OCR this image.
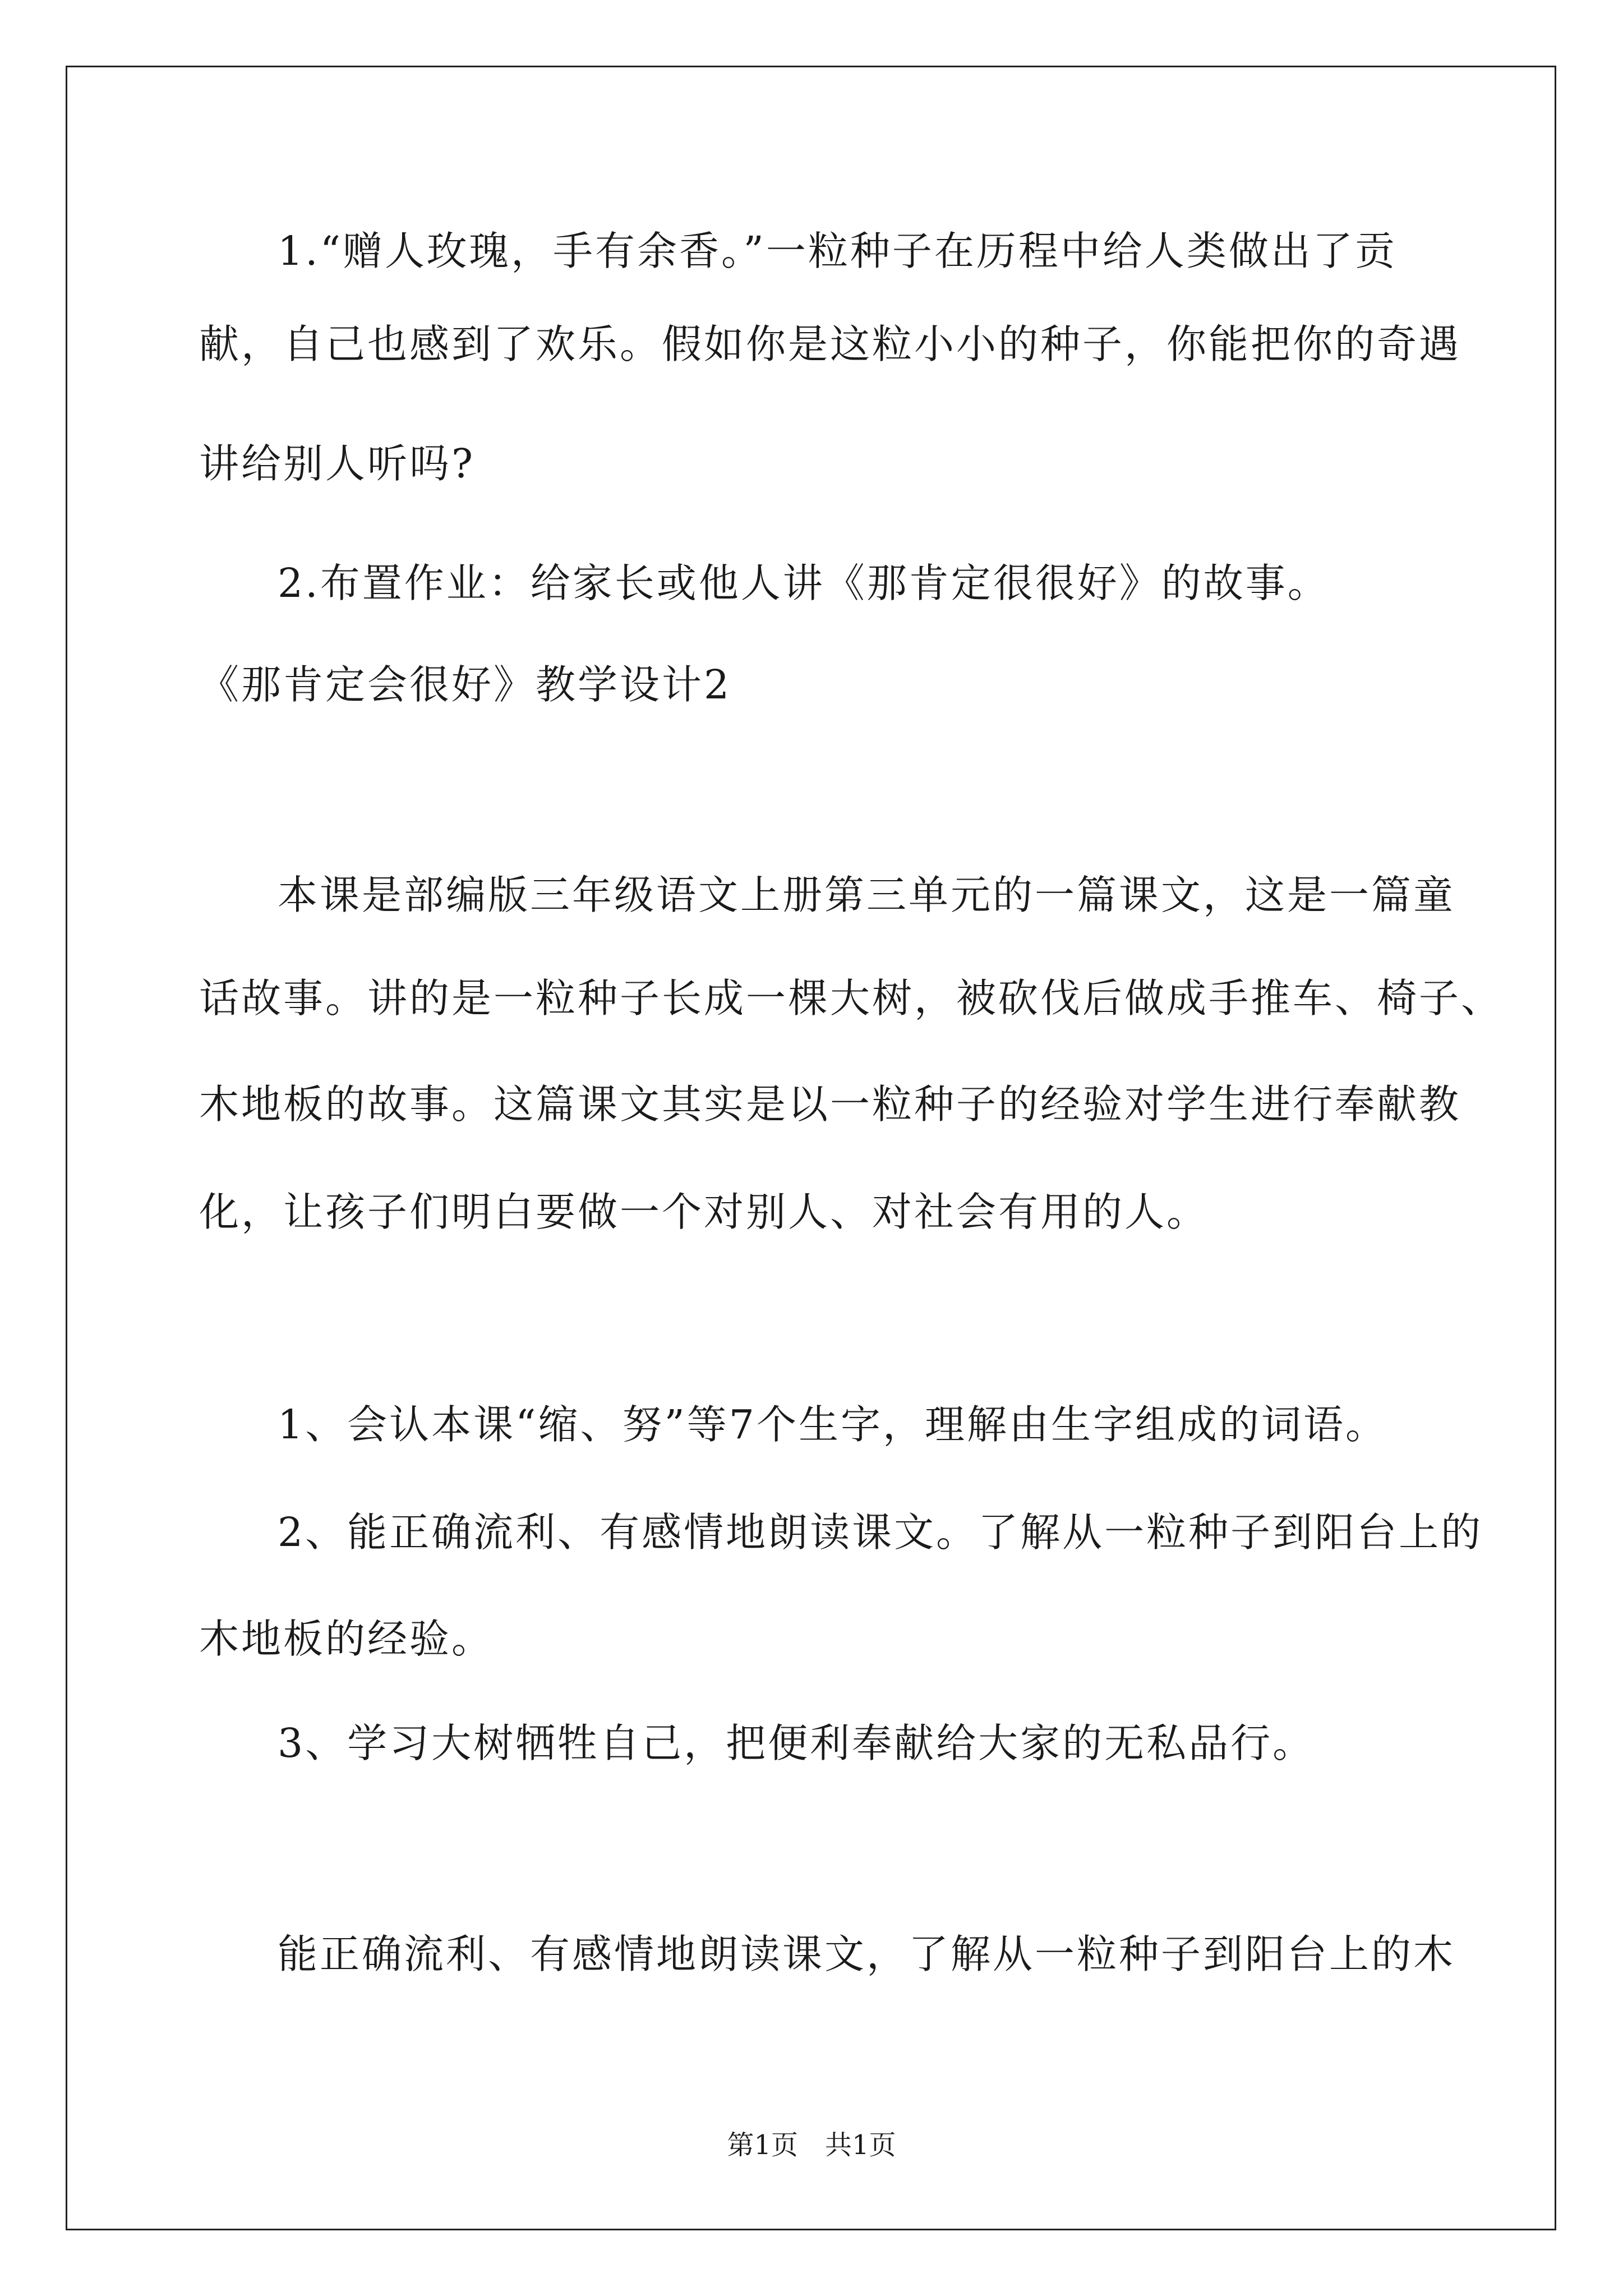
1.“赠人玫瑰，手有余香。”一粒种子在历程中给人类做出了贡
献，自己也感到了欢乐。假如你是这粒小小的种子，你能把你的奇遇
讲给别人听吗?
2.布置作业：给家长或他人讲《那肯定很很好》的故事。
《那肯定会很好》教学设计2
本课是部编版三年级语文上册第三单元的一篇课文，这是一篇童
话故事。讲的是一粒种子长成一棵大树，被砍伐后做成手推车、椅子、
木地板的故事。这篇课文其实是以一粒种子的经验对学生进行奉献教
化，让孩子们明白要做一个对别人、对社会有用的人。
1、会认本课“缩、努”等7个生字，理解由生字组成的词语。
2、能正确流利、有感情地朗读课文。了解从一粒种子到阳台上的
木地板的经验。
3、学习大树牺牲自己，把便利奉献给大家的无私品行。
能正确流利、有感情地朗读课文，了解从一粒种子到阳台上的木
第1页 共1页
